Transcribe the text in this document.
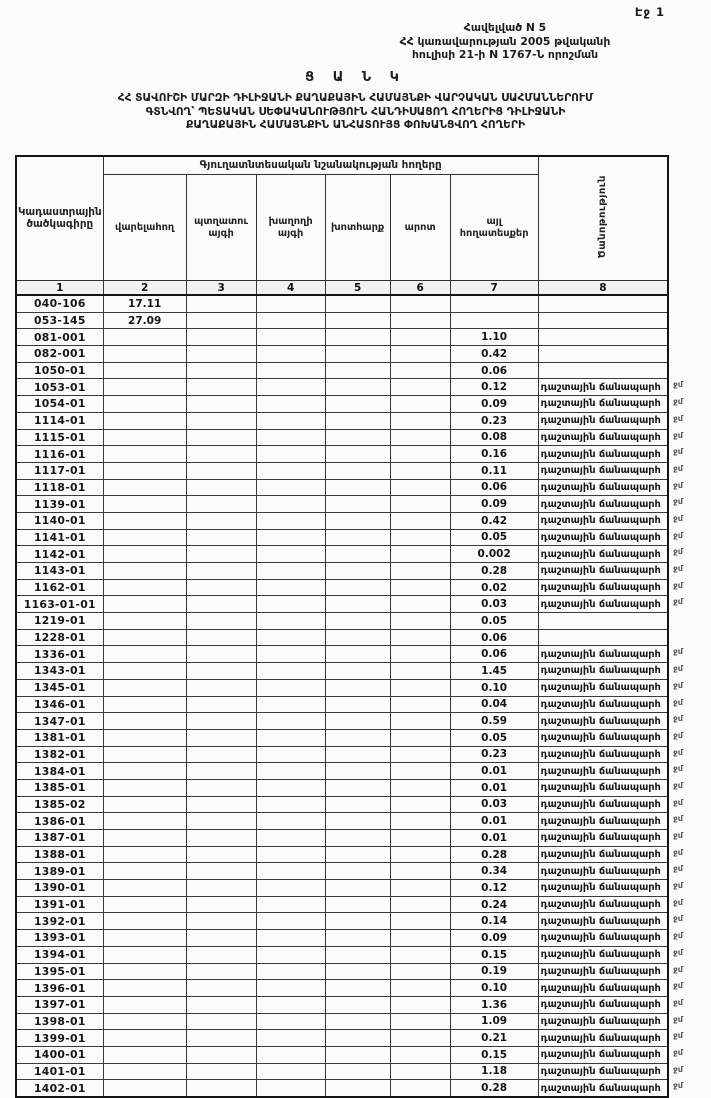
Էջ 1
Հավելված N 5
ՀՀ կառավարության 2005 թվականի
հուլիսի 21-ի N 1767-Ն որոշման
Ց Ա Ն Կ
ՀՀ ՏԱՎՈՒՇԻ ՄԱՐԶԻ ԴԻԼԻՋԱՆԻ ՔԱՂԱՔԱՅԻՆ ՀԱՄԱՅՆՔԻ ՎԱՐՉԱԿԱՆ ՍԱՀՄԱՆՆԵՐՈՒՄ
ԳՏՆՎՈՂ՝ ՊԵՏԱԿԱՆ ՍԵՓԱԿԱՆՈՒԹՅՈՒՆ ՀԱՆԴԻՍԱՑՈՂ ՀՈՂԵՐԻՑ ԴԻԼԻՋԱՆԻ
ՔԱՂԱՔԱՅԻՆ ՀԱՄԱՅՆՔԻՆ ԱՆՀԱՏՈՒՅՑ ՓՈԽԱՆՑՎՈՂ ՀՈՂԵՐԻ
Կադաստրային ծածկագիրը	Գյուղատնտեսական նշանակության հողերը						Ծանոթություն
	վարելահող	պտղատու այգի	խաղողի այգի	խոտհարք	արոտ	այլ հողատեսքեր	
1	2	3	4	5	6	7	8
040-106	17.11						

053-145	27.09						

081-001						1.10	

082-001						0.42	

1050-01						0.06	

1053-01						0.12	դաշտային ճանապարհ ջմ

1054-01						0.09	դաշտային ճանապարհ ջմ

1114-01						0.23	դաշտային ճանապարհ ջմ

1115-01						0.08	դաշտային ճանապարհ ջմ

1116-01						0.16	դաշտային ճանապարհ ջմ

1117-01						0.11	դաշտային ճանապարհ ջմ

1118-01						0.06	դաշտային ճանապարհ ջմ

1139-01						0.09	դաշտային ճանապարհ ջմ

1140-01						0.42	դաշտային ճանապարհ ջմ

1141-01						0.05	դաշտային ճանապարհ ջմ

1142-01						0.002	դաշտային ճանապարհ ջմ

1143-01						0.28	դաշտային ճանապարհ ջմ

1162-01						0.02	դաշտային ճանապարհ ջմ

1163-01-01						0.03	դաշտային ճանապարհ ջմ

1219-01						0.05	

1228-01						0.06	

1336-01						0.06	դաշտային ճանապարհ ջմ

1343-01						1.45	դաշտային ճանապարհ ջմ

1345-01						0.10	դաշտային ճանապարհ ջմ

1346-01						0.04	դաշտային ճանապարհ ջմ

1347-01						0.59	դաշտային ճանապարհ ջմ

1381-01						0.05	դաշտային ճանապարհ ջմ

1382-01						0.23	դաշտային ճանապարհ ջմ

1384-01						0.01	դաշտային ճանապարհ ջմ

1385-01						0.01	դաշտային ճանապարհ ջմ

1385-02						0.03	դաշտային ճանապարհ ջմ

1386-01						0.01	դաշտային ճանապարհ ջմ

1387-01						0.01	դաշտային ճանապարհ ջմ

1388-01						0.28	դաշտային ճանապարհ ջմ

1389-01						0.34	դաշտային ճանապարհ ջմ

1390-01						0.12	դաշտային ճանապարհ ջմ

1391-01						0.24	դաշտային ճանապարհ ջմ

1392-01						0.14	դաշտային ճանապարհ ջմ

1393-01						0.09	դաշտային ճանապարհ ջմ

1394-01						0.15	դաշտային ճանապարհ ջմ

1395-01						0.19	դաշտային ճանապարհ ջմ

1396-01						0.10	դաշտային ճանապարհ ջմ

1397-01						1.36	դաշտային ճանապարհ ջմ

1398-01						1.09	դաշտային ճանապարհ ջմ

1399-01						0.21	դաշտային ճանապարհ ջմ

1400-01						0.15	դաշտային ճանապարհ ջմ

1401-01						1.18	դաշտային ճանապարհ ջմ

1402-01						0.28	դաշտային ճանապարհ ջմ
